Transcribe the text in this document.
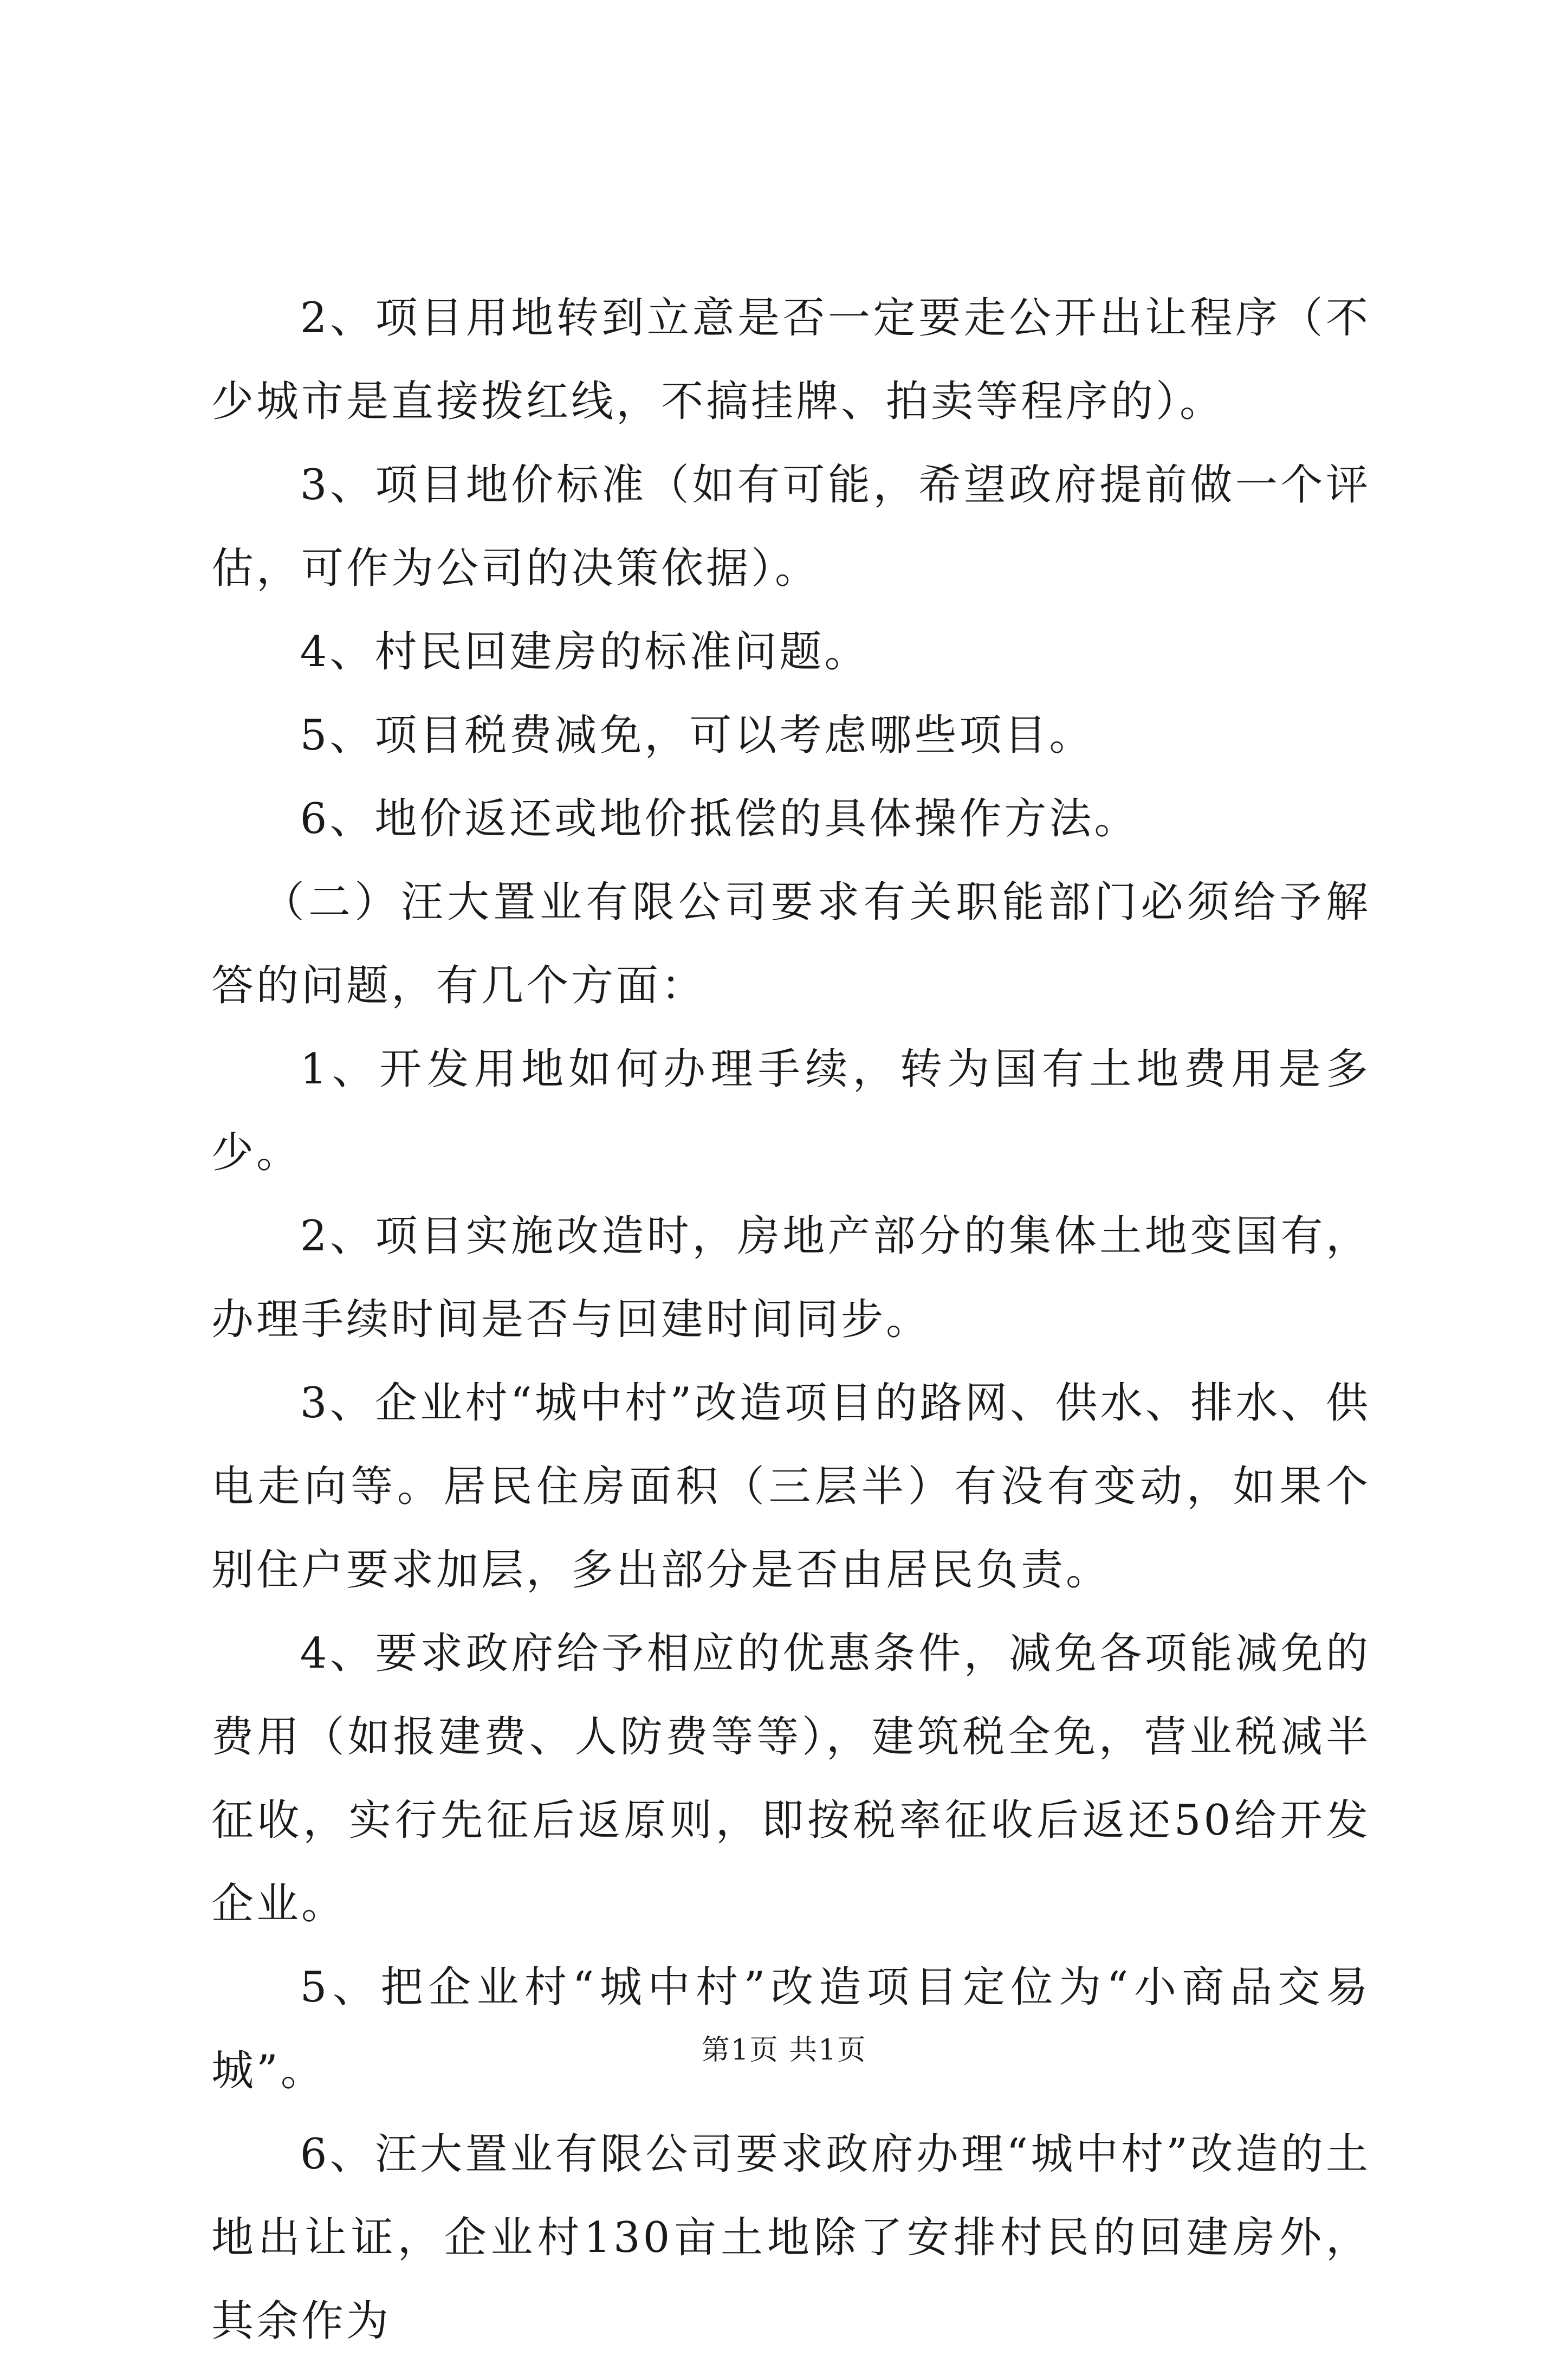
2、项目用地转到立意是否一定要走公开出让程序（不少城市是直接拨红线，不搞挂牌、拍卖等程序的）。

3、项目地价标准（如有可能，希望政府提前做一个评估，可作为公司的决策依据）。

4、村民回建房的标准问题。

5、项目税费减免，可以考虑哪些项目。

6、地价返还或地价抵偿的具体操作方法。

（二）汪大置业有限公司要求有关职能部门必须给予解答的问题，有几个方面：

1、开发用地如何办理手续，转为国有土地费用是多少。

2、项目实施改造时，房地产部分的集体土地变国有，办理手续时间是否与回建时间同步。

3、企业村“城中村”改造项目的路网、供水、排水、供电走向等。居民住房面积（三层半）有没有变动，如果个别住户要求加层，多出部分是否由居民负责。

4、要求政府给予相应的优惠条件，减免各项能减免的费用（如报建费、人防费等等），建筑税全免，营业税减半征收，实行先征后返原则，即按税率征收后返还50给开发企业。

5、把企业村“城中村”改造项目定位为“小商品交易城”。

6、汪大置业有限公司要求政府办理“城中村”改造的土地出让证，企业村130亩土地除了安排村民的回建房外，其余作为

第1页 共1页
